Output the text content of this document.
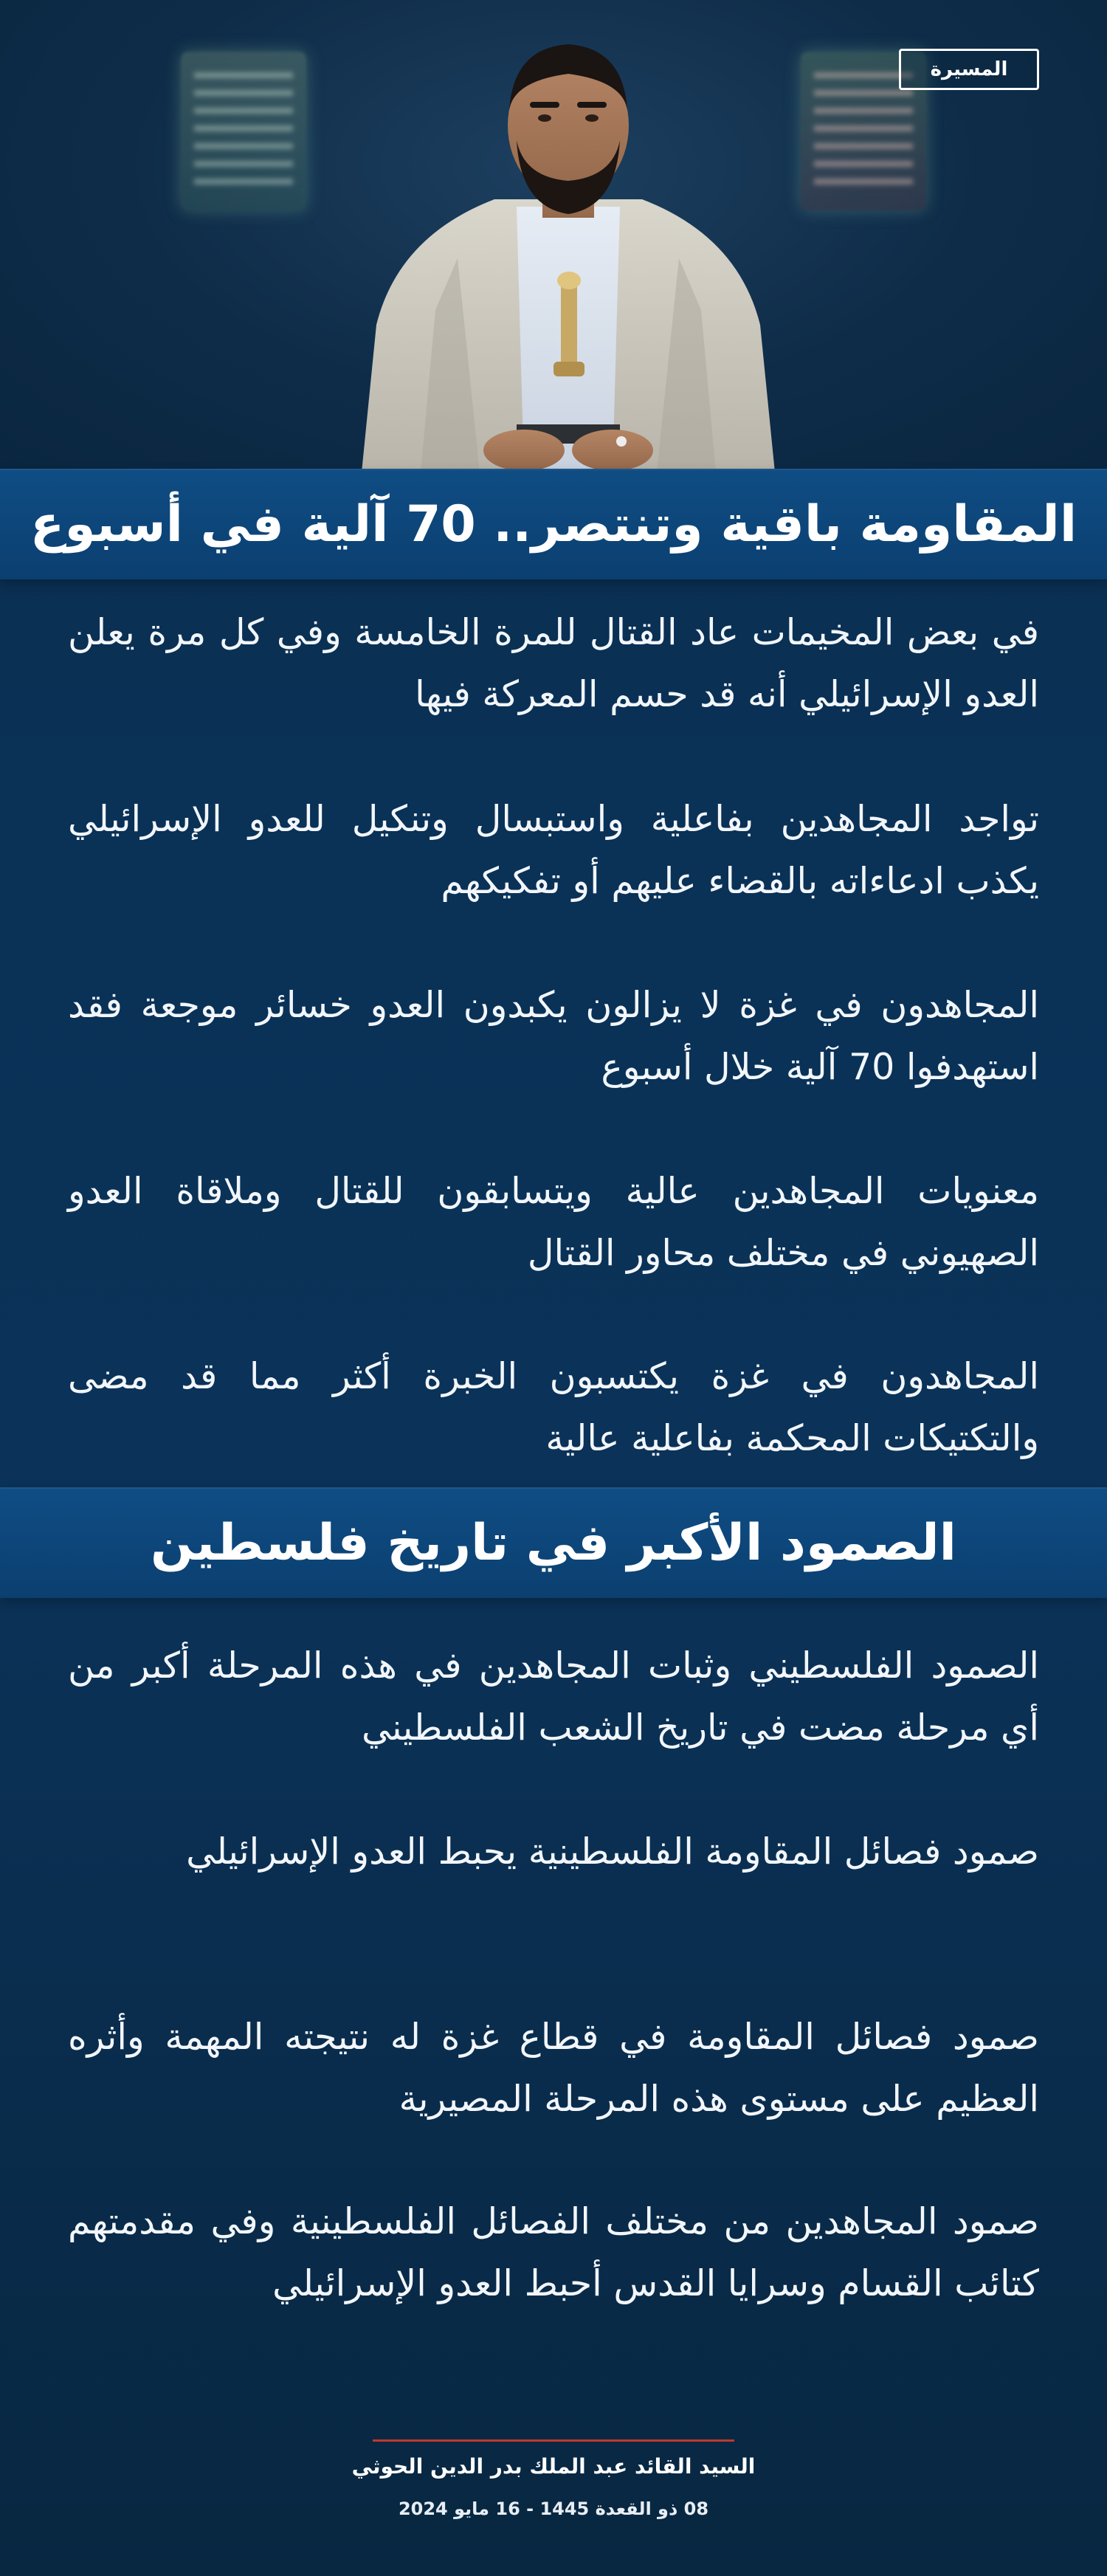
المسيرة
المقاومة باقية وتنتصر.. 70 آلية في أسبوع

في بعض المخيمات عاد القتال للمرة الخامسة وفي كل مرة يعلن العدو الإسرائيلي أنه قد حسم المعركة فيها

تواجد المجاهدين بفاعلية واستبسال وتنكيل للعدو الإسرائيلي يكذب ادعاءاته بالقضاء عليهم أو تفكيكهم

المجاهدون في غزة لا يزالون يكبدون العدو خسائر موجعة فقد استهدفوا 70 آلية خلال أسبوع

معنويات المجاهدين عالية ويتسابقون للقتال وملاقاة العدو الصهيوني في مختلف محاور القتال

المجاهدون في غزة يكتسبون الخبرة أكثر مما قد مضى والتكتيكات المحكمة بفاعلية عالية

الصمود الأكبر في تاريخ فلسطين

الصمود الفلسطيني وثبات المجاهدين في هذه المرحلة أكبر من أي مرحلة مضت في تاريخ الشعب الفلسطيني

صمود فصائل المقاومة الفلسطينية يحبط العدو الإسرائيلي

صمود فصائل المقاومة في قطاع غزة له نتيجته المهمة وأثره العظيم على مستوى هذه المرحلة المصيرية

صمود المجاهدين من مختلف الفصائل الفلسطينية وفي مقدمتهم كتائب القسام وسرايا القدس أحبط العدو الإسرائيلي

السيد القائد عبد الملك بدر الدين الحوثي
08 ذو القعدة 1445 - 16 مايو 2024
